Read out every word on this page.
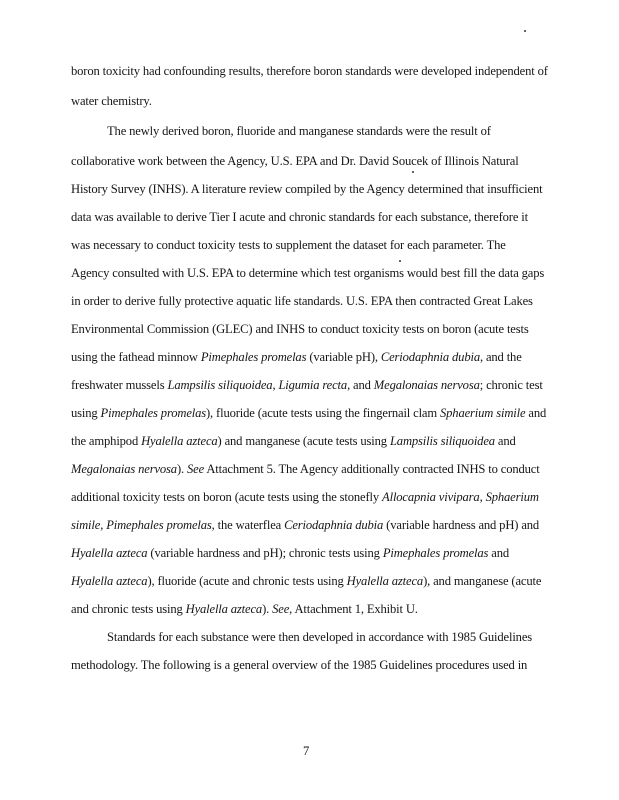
boron toxicity had confounding results, therefore boron standards were developed independent of
water chemistry.
The newly derived boron, fluoride and manganese standards were the result of
collaborative work between the Agency, U.S. EPA and Dr. David Soucek of Illinois Natural
History Survey (INHS). A literature review compiled by the Agency determined that insufficient
data was available to derive Tier I acute and chronic standards for each substance, therefore it
was necessary to conduct toxicity tests to supplement the dataset for each parameter. The
Agency consulted with U.S. EPA to determine which test organisms would best fill the data gaps
in order to derive fully protective aquatic life standards. U.S. EPA then contracted Great Lakes
Environmental Commission (GLEC) and INHS to conduct toxicity tests on boron (acute tests
using the fathead minnow Pimephales promelas (variable pH), Ceriodaphnia dubia, and the
freshwater mussels Lampsilis siliquoidea, Ligumia recta, and Megalonaias nervosa; chronic test
using Pimephales promelas), fluoride (acute tests using the fingernail clam Sphaerium simile and
the amphipod Hyalella azteca) and manganese (acute tests using Lampsilis siliquoidea and
Megalonaias nervosa). See Attachment 5. The Agency additionally contracted INHS to conduct
additional toxicity tests on boron (acute tests using the stonefly Allocapnia vivipara, Sphaerium
simile, Pimephales promelas, the waterflea Ceriodaphnia dubia (variable hardness and pH) and
Hyalella azteca (variable hardness and pH); chronic tests using Pimephales promelas and
Hyalella azteca), fluoride (acute and chronic tests using Hyalella azteca), and manganese (acute
and chronic tests using Hyalella azteca). See, Attachment 1, Exhibit U.
Standards for each substance were then developed in accordance with 1985 Guidelines
methodology. The following is a general overview of the 1985 Guidelines procedures used in
7
